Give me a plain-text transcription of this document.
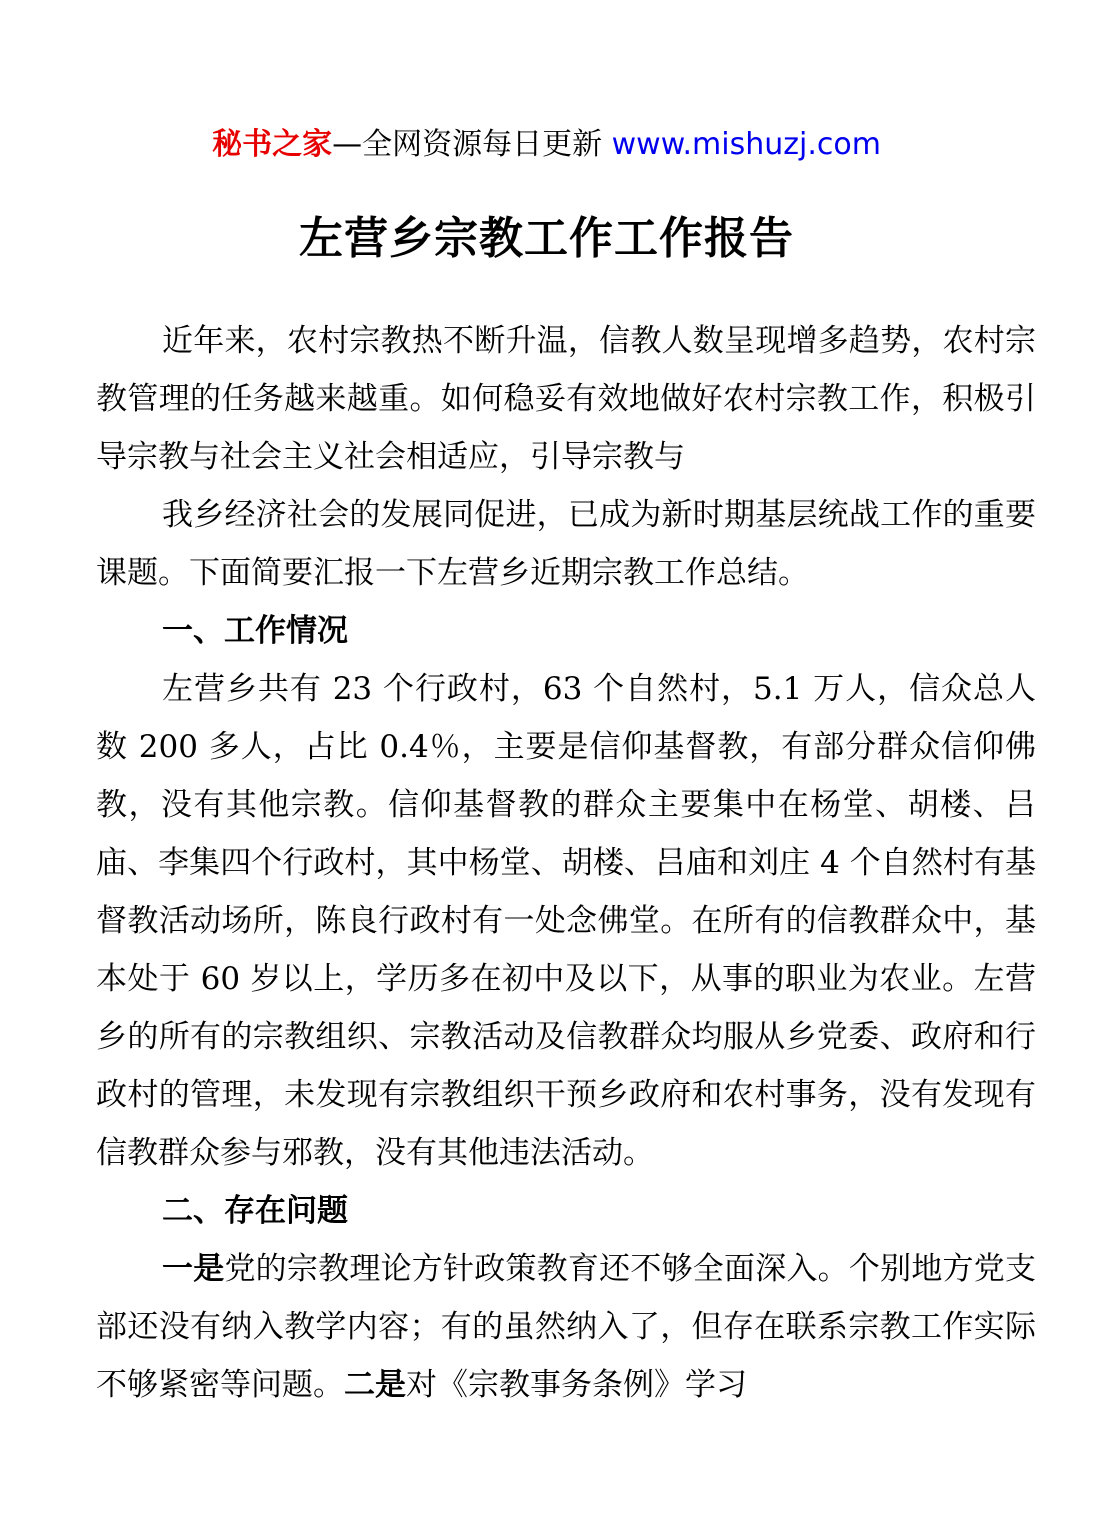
秘书之家—全网资源每日更新 www.mishuzj.com
左营乡宗教工作工作报告

近年来，农村宗教热不断升温，信教人数呈现增多趋势，农村宗教管理的任务越来越重。如何稳妥有效地做好农村宗教工作，积极引导宗教与社会主义社会相适应，引导宗教与

我乡经济社会的发展同促进，已成为新时期基层统战工作的重要课题。下面简要汇报一下左营乡近期宗教工作总结。

一、工作情况

左营乡共有 23 个行政村，63 个自然村，5.1 万人，信众总人数 200 多人，占比 0.4％，主要是信仰基督教，有部分群众信仰佛教，没有其他宗教。信仰基督教的群众主要集中在杨堂、胡楼、吕庙、李集四个行政村，其中杨堂、胡楼、吕庙和刘庄 4 个自然村有基督教活动场所，陈良行政村有一处念佛堂。在所有的信教群众中，基本处于 60 岁以上，学历多在初中及以下，从事的职业为农业。左营乡的所有的宗教组织、宗教活动及信教群众均服从乡党委、政府和行政村的管理，未发现有宗教组织干预乡政府和农村事务，没有发现有信教群众参与邪教，没有其他违法活动。

二、存在问题

一是党的宗教理论方针政策教育还不够全面深入。个别地方党支部还没有纳入教学内容；有的虽然纳入了，但存在联系宗教工作实际不够紧密等问题。二是对《宗教事务条例》学习
